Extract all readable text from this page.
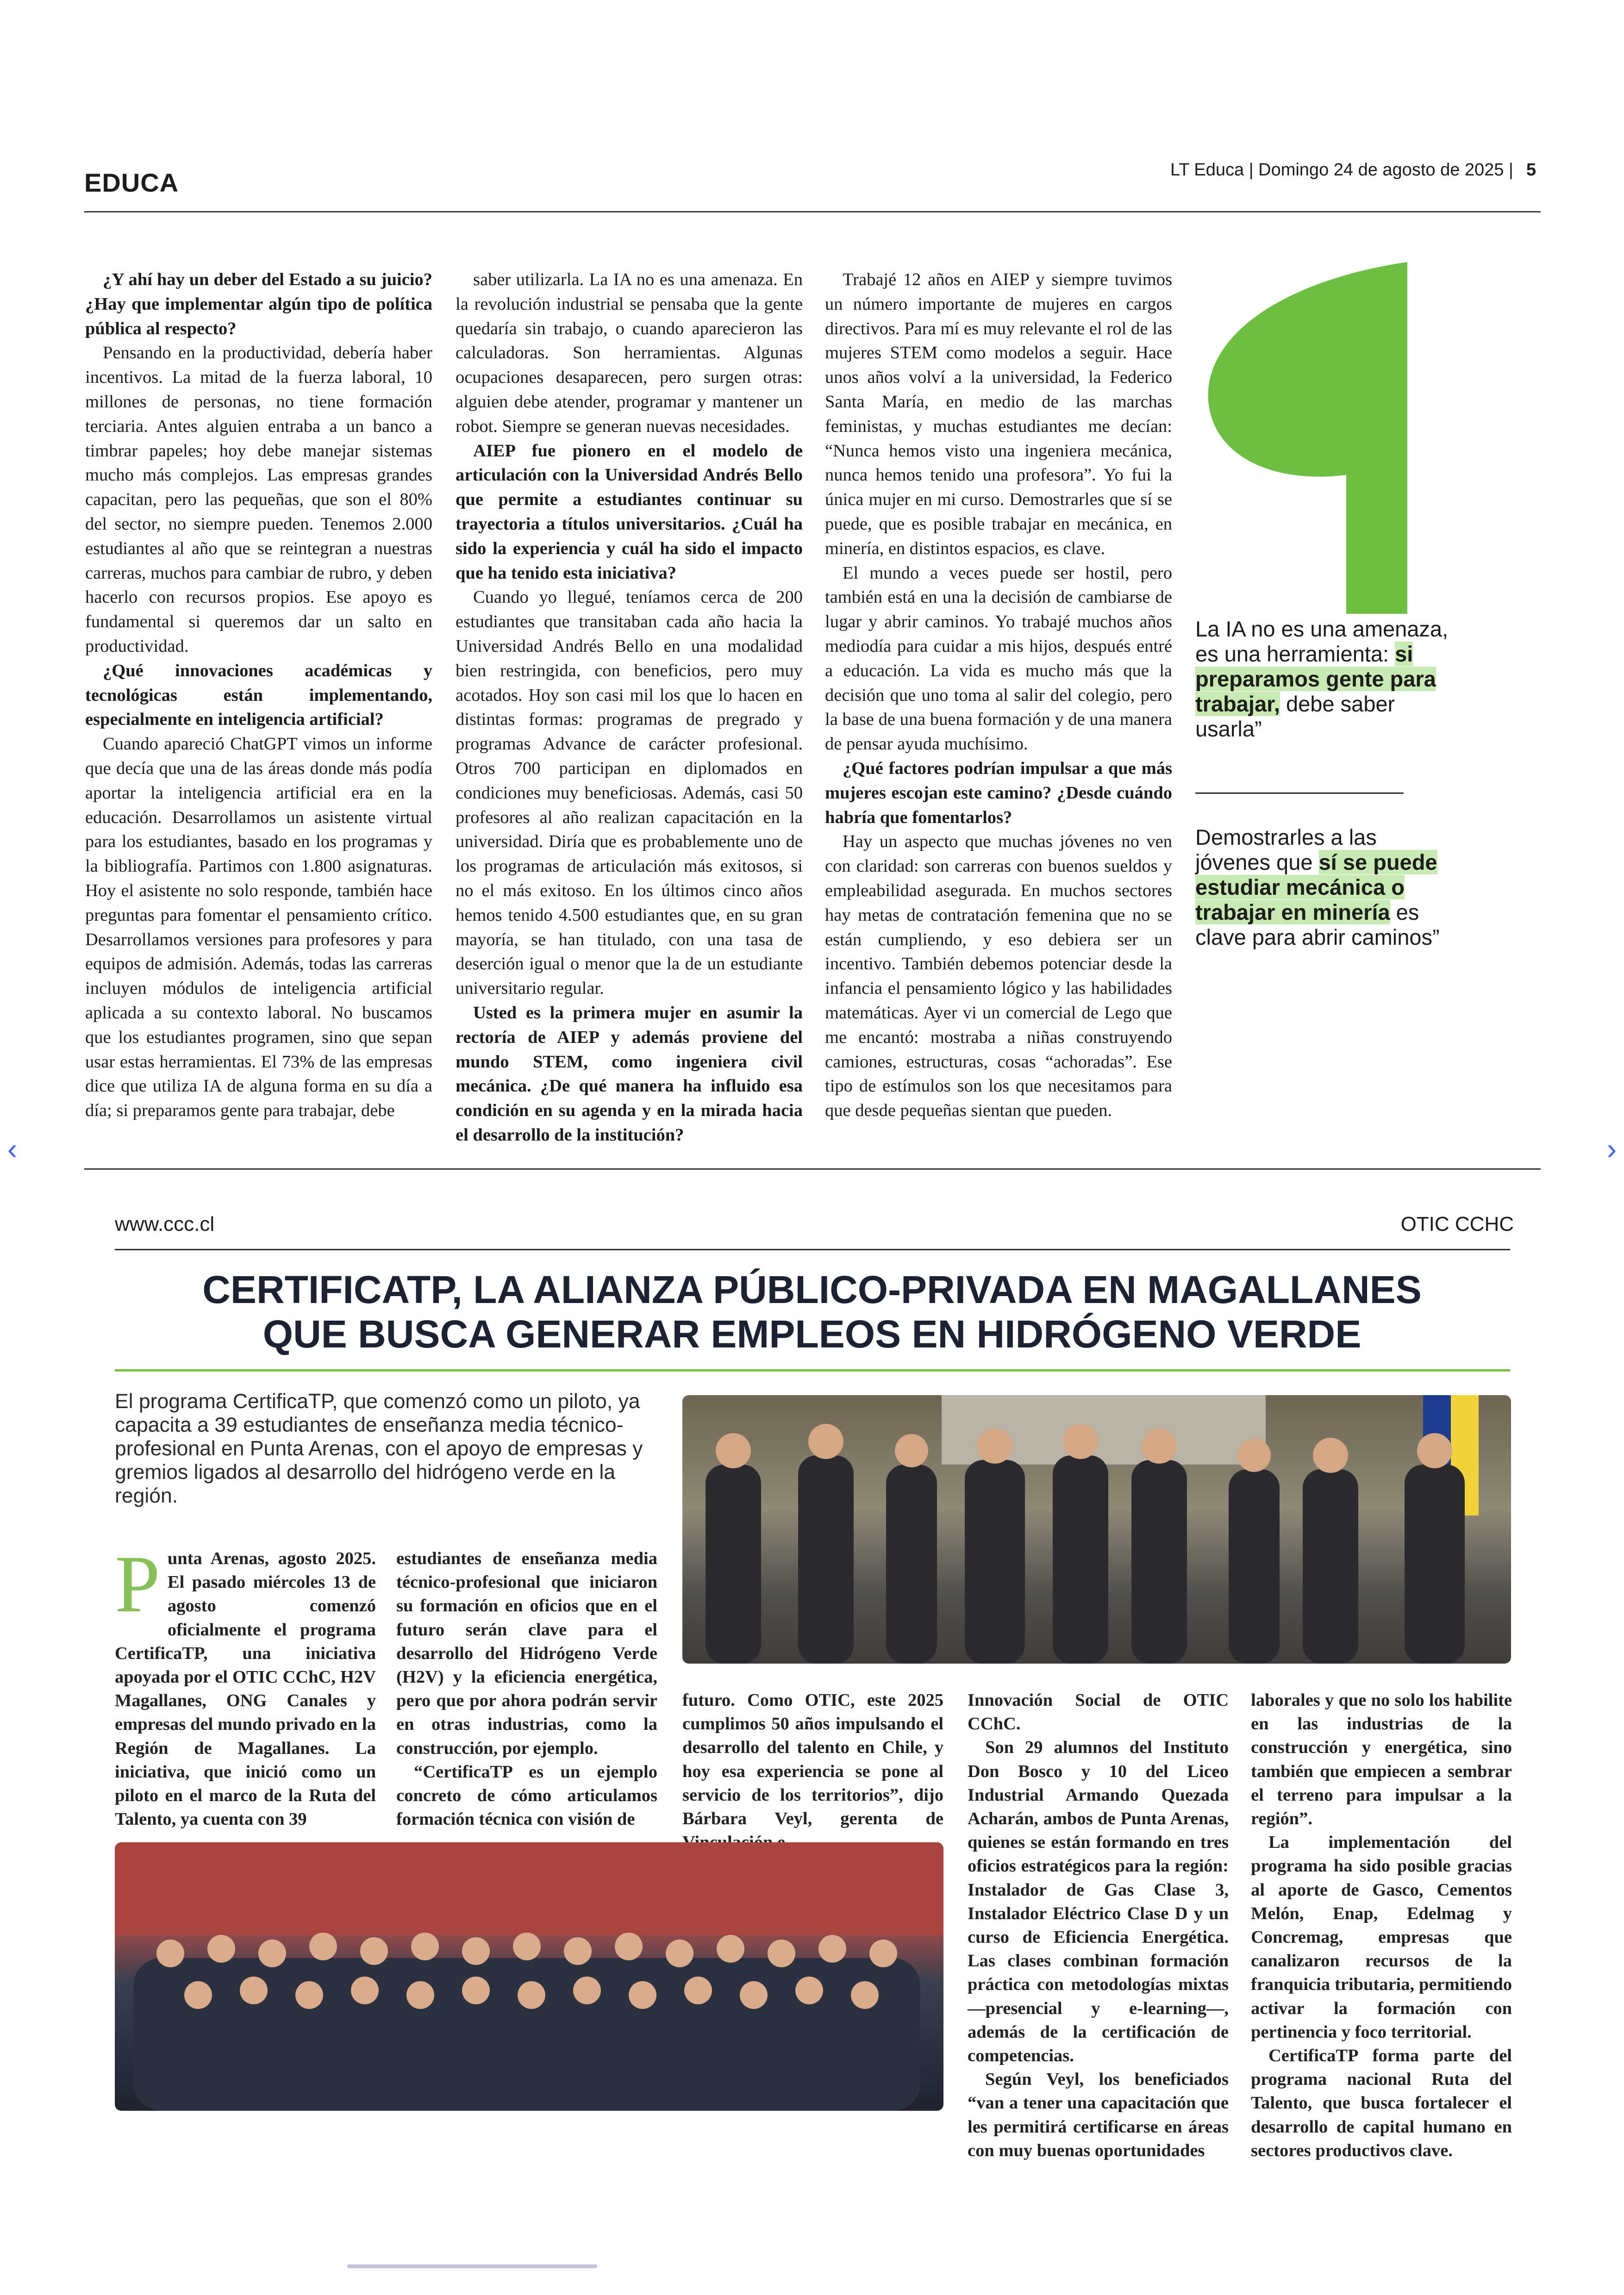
EDUCA	LT Educa | Domingo 24 de agosto de 2025 | 5

¿Y ahí hay un deber del Estado a su juicio? ¿Hay que implementar algún tipo de política pública al respecto?

Pensando en la productividad, debería haber incentivos. La mitad de la fuerza laboral, 10 millones de personas, no tiene formación terciaria. Antes alguien entraba a un banco a timbrar papeles; hoy debe manejar sistemas mucho más complejos. Las empresas grandes capacitan, pero las pequeñas, que son el 80% del sector, no siempre pueden. Tenemos 2.000 estudiantes al año que se reintegran a nuestras carreras, muchos para cambiar de rubro, y deben hacerlo con recursos propios. Ese apoyo es fundamental si queremos dar un salto en productividad.

¿Qué innovaciones académicas y tecnológicas están implementando, especialmente en inteligencia artificial?

Cuando apareció ChatGPT vimos un informe que decía que una de las áreas donde más podía aportar la inteligencia artificial era en la educación. Desarrollamos un asistente virtual para los estudiantes, basado en los programas y la bibliografía. Partimos con 1.800 asignaturas. Hoy el asistente no solo responde, también hace preguntas para fomentar el pensamiento crítico. Desarrollamos versiones para profesores y para equipos de admisión. Además, todas las carreras incluyen módulos de inteligencia artificial aplicada a su contexto laboral. No buscamos que los estudiantes programen, sino que sepan usar estas herramientas. El 73% de las empresas dice que utiliza IA de alguna forma en su día a día; si preparamos gente para trabajar, debe

saber utilizarla. La IA no es una amenaza. En la revolución industrial se pensaba que la gente quedaría sin trabajo, o cuando aparecieron las calculadoras. Son herramientas. Algunas ocupaciones desaparecen, pero surgen otras: alguien debe atender, programar y mantener un robot. Siempre se generan nuevas necesidades.

AIEP fue pionero en el modelo de articulación con la Universidad Andrés Bello que permite a estudiantes continuar su trayectoria a títulos universitarios. ¿Cuál ha sido la experiencia y cuál ha sido el impacto que ha tenido esta iniciativa?

Cuando yo llegué, teníamos cerca de 200 estudiantes que transitaban cada año hacia la Universidad Andrés Bello en una modalidad bien restringida, con beneficios, pero muy acotados. Hoy son casi mil los que lo hacen en distintas formas: programas de pregrado y programas Advance de carácter profesional. Otros 700 participan en diplomados en condiciones muy beneficiosas. Además, casi 50 profesores al año realizan capacitación en la universidad. Diría que es probablemente uno de los programas de articulación más exitosos, si no el más exitoso. En los últimos cinco años hemos tenido 4.500 estudiantes que, en su gran mayoría, se han titulado, con una tasa de deserción igual o menor que la de un estudiante universitario regular.

Usted es la primera mujer en asumir la rectoría de AIEP y además proviene del mundo STEM, como ingeniera civil mecánica. ¿De qué manera ha influido esa condición en su agenda y en la mirada hacia el desarrollo de la institución?

Trabajé 12 años en AIEP y siempre tuvimos un número importante de mujeres en cargos directivos. Para mí es muy relevante el rol de las mujeres STEM como modelos a seguir. Hace unos años volví a la universidad, la Federico Santa María, en medio de las marchas feministas, y muchas estudiantes me decían: “Nunca hemos visto una ingeniera mecánica, nunca hemos tenido una profesora”. Yo fui la única mujer en mi curso. Demostrarles que sí se puede, que es posible trabajar en mecánica, en minería, en distintos espacios, es clave.

El mundo a veces puede ser hostil, pero también está en una la decisión de cambiarse de lugar y abrir caminos. Yo trabajé muchos años mediodía para cuidar a mis hijos, después entré a educación. La vida es mucho más que la decisión que uno toma al salir del colegio, pero la base de una buena formación y de una manera de pensar ayuda muchísimo.

¿Qué factores podrían impulsar a que más mujeres escojan este camino? ¿Desde cuándo habría que fomentarlos?

Hay un aspecto que muchas jóvenes no ven con claridad: son carreras con buenos sueldos y empleabilidad asegurada. En muchos sectores hay metas de contratación femenina que no se están cumpliendo, y eso debiera ser un incentivo. También debemos potenciar desde la infancia el pensamiento lógico y las habilidades matemáticas. Ayer vi un comercial de Lego que me encantó: mostraba a niñas construyendo camiones, estructuras, cosas “achoradas”. Ese tipo de estímulos son los que necesitamos para que desde pequeñas sientan que pueden.

La IA no es una amenaza, es una herramienta: si preparamos gente para trabajar, debe saber usarla”
Demostrarles a las jóvenes que sí se puede estudiar mecánica o trabajar en minería es clave para abrir caminos”
‹	›
www.ccc.cl	OTIC CCHC
CERTIFICATP, LA ALIANZA PÚBLICO-PRIVADA EN MAGALLANES
QUE BUSCA GENERAR EMPLEOS EN HIDRÓGENO VERDE
El programa CertificaTP, que comenzó como un piloto, ya capacita a 39 estudiantes de enseñanza media técnico-profesional en Punta Arenas, con el apoyo de empresas y gremios ligados al desarrollo del hidrógeno verde en la región.

Punta Arenas, agosto 2025. El pasado miércoles 13 de agosto comenzó oficialmente el programa CertificaTP, una iniciativa apoyada por el OTIC CChC, H2V Magallanes, ONG Canales y empresas del mundo privado en la Región de Magallanes. La iniciativa, que inició como un piloto en el marco de la Ruta del Talento, ya cuenta con 39

estudiantes de enseñanza media técnico-profesional que iniciaron su formación en oficios que en el futuro serán clave para el desarrollo del Hidrógeno Verde (H2V) y la eficiencia energética, pero que por ahora podrán servir en otras industrias, como la construcción, por ejemplo.

“CertificaTP es un ejemplo concreto de cómo articulamos formación técnica con visión de

futuro. Como OTIC, este 2025 cumplimos 50 años impulsando el desarrollo del talento en Chile, y hoy esa experiencia se pone al servicio de los territorios”, dijo Bárbara Veyl, gerenta de

Innovación Social de OTIC CChC.

Son 29 alumnos del Instituto Don Bosco y 10 del Liceo Industrial Armando Quezada Acharán, ambos de Punta Arenas, quienes se están formando en tres oficios estratégicos para la región: Instalador de Gas Clase 3, Instalador Eléctrico Clase D y un curso de Eficiencia Energética. Las clases combinan formación práctica con metodologías mixtas —presencial y e-learning—, además de la certificación de competencias.

Según Veyl, los beneficiados “van a tener una capacitación que les permitirá certificarse en áreas con muy buenas oportunidades

laborales y que no solo los habilite en las industrias de la construcción y energética, sino también que empiecen a sembrar el terreno para impulsar a la región”.

La implementación del programa ha sido posible gracias al aporte de Gasco, Cementos Melón, Enap, Edelmag y Concremag, empresas que canalizaron recursos de la franquicia tributaria, permitiendo activar la formación con pertinencia y foco territorial.

CertificaTP forma parte del programa nacional Ruta del Talento, que busca fortalecer el desarrollo de capital humano en sectores productivos clave.
